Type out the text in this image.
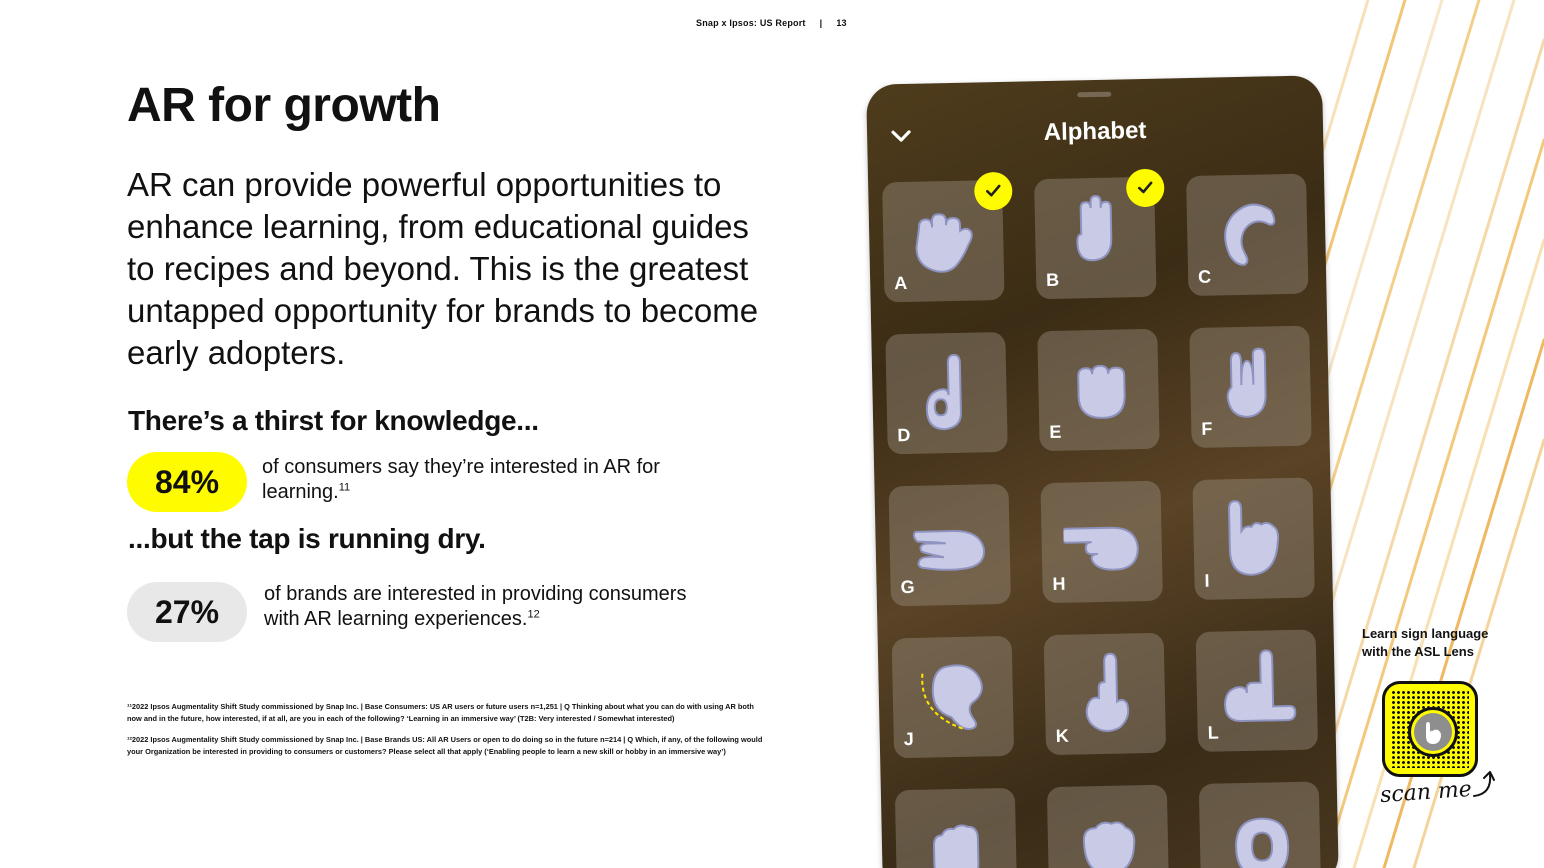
Snap x Ipsos: US Report | 13
AR for growth

AR can provide powerful opportunities to enhance learning, from educational guides to recipes and beyond. This is the greatest untapped opportunity for brands to become early adopters.

There’s a thirst for knowledge...
84%	of consumers say they’re interested in AR for learning.$^{11}$

...but the tap is running dry.
27%	of brands are interested in providing consumers with AR learning experiences.$^{12}$

¹¹2022 Ipsos Augmentality Shift Study commissioned by Snap Inc. | Base Consumers: US AR users or future users n=1,251 | Q Thinking about what you can do with using AR both now and in the future, how interested, if at all, are you in each of the following? ‘Learning in an immersive way’ (T2B: Very interested / Somewhat interested)

¹²2022 Ipsos Augmentality Shift Study commissioned by Snap Inc. | Base Brands US: All AR Users or open to do doing so in the future n=214 | Q Which, if any, of the following would your Organization be interested in providing to consumers or customers? Please select all that apply (‘Enabling people to learn a new skill or hobby in an immersive way’)

Alphabet
A	B	C
D	E	F
G	H	I
J	K	L
Learn sign language
with the ASL Lens
scan me
